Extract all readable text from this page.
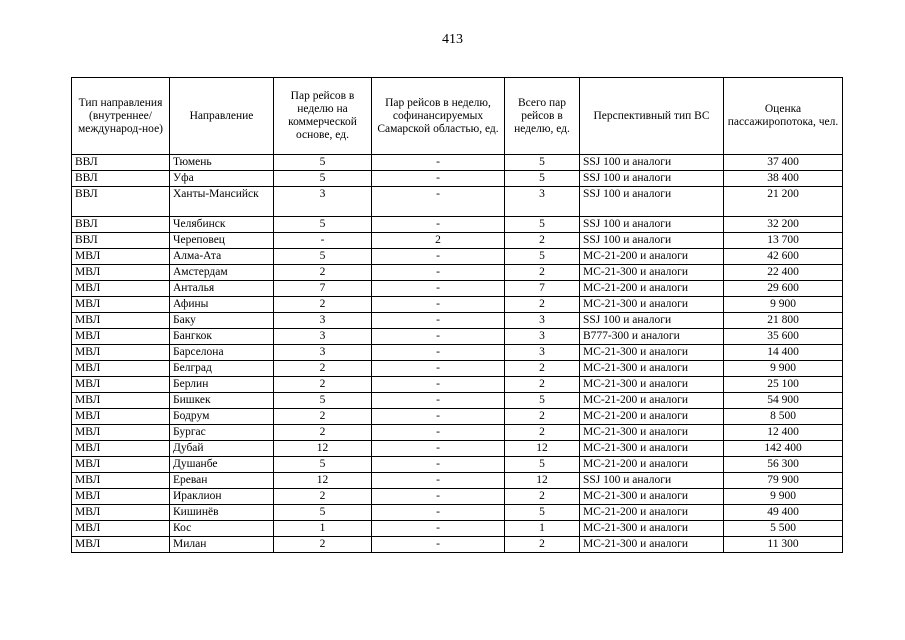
413
Тип направления (внутреннее/ международ-ное)	Направление	Пар рейсов в неделю на коммерческой основе, ед.	Пар рейсов в неделю, софинансируемых Самарской областью, ед.	Всего пар рейсов в неделю, ед.	Перспективный тип ВС	Оценка пассажиропотока, чел.
ВВЛ	Тюмень	5	-	5	SSJ 100 и аналоги	37 400
ВВЛ	Уфа	5	-	5	SSJ 100 и аналоги	38 400
ВВЛ	Ханты-Мансийск	3	-	3	SSJ 100 и аналоги	21 200
ВВЛ	Челябинск	5	-	5	SSJ 100 и аналоги	32 200
ВВЛ	Череповец	-	2	2	SSJ 100 и аналоги	13 700
МВЛ	Алма-Ата	5	-	5	МС-21-200 и аналоги	42 600
МВЛ	Амстердам	2	-	2	МС-21-300 и аналоги	22 400
МВЛ	Анталья	7	-	7	МС-21-200 и аналоги	29 600
МВЛ	Афины	2	-	2	МС-21-300 и аналоги	9 900
МВЛ	Баку	3	-	3	SSJ 100 и аналоги	21 800
МВЛ	Бангкок	3	-	3	В777-300 и аналоги	35 600
МВЛ	Барселона	3	-	3	МС-21-300 и аналоги	14 400
МВЛ	Белград	2	-	2	МС-21-300 и аналоги	9 900
МВЛ	Берлин	2	-	2	МС-21-300 и аналоги	25 100
МВЛ	Бишкек	5	-	5	МС-21-200 и аналоги	54 900
МВЛ	Бодрум	2	-	2	МС-21-200 и аналоги	8 500
МВЛ	Бургас	2	-	2	МС-21-300 и аналоги	12 400
МВЛ	Дубай	12	-	12	МС-21-300 и аналоги	142 400
МВЛ	Душанбе	5	-	5	МС-21-200 и аналоги	56 300
МВЛ	Ереван	12	-	12	SSJ 100 и аналоги	79 900
МВЛ	Ираклион	2	-	2	МС-21-300 и аналоги	9 900
МВЛ	Кишинёв	5	-	5	МС-21-200 и аналоги	49 400
МВЛ	Кос	1	-	1	МС-21-300 и аналоги	5 500
МВЛ	Милан	2	-	2	МС-21-300 и аналоги	11 300
